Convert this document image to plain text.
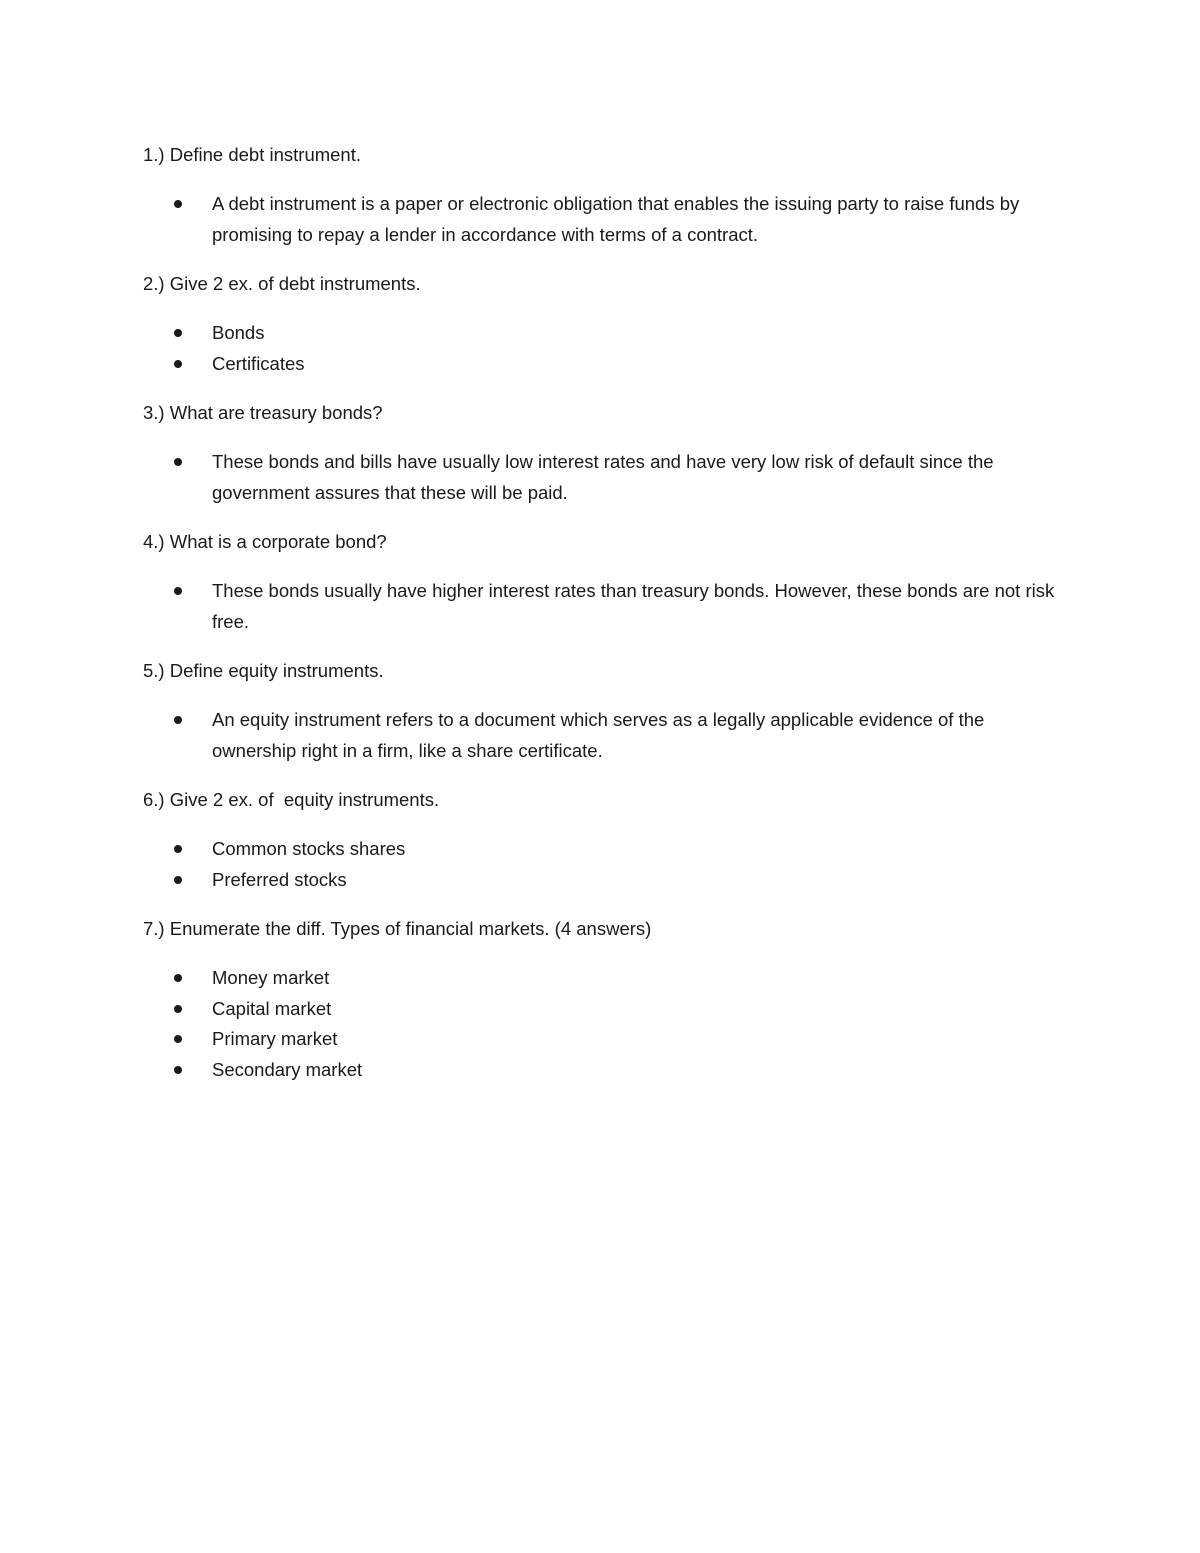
1.) Define debt instrument.

A debt instrument is a paper or electronic obligation that enables the issuing party to raise funds by promising to repay a lender in accordance with terms of a contract.

2.) Give 2 ex. of debt instruments.

Bonds
Certificates

3.) What are treasury bonds?

These bonds and bills have usually low interest rates and have very low risk of default since the government assures that these will be paid.

4.) What is a corporate bond?

These bonds usually have higher interest rates than treasury bonds. However, these bonds are not risk free.

5.) Define equity instruments.

An equity instrument refers to a document which serves as a legally applicable evidence of the ownership right in a firm, like a share certificate.

6.) Give 2 ex. of  equity instruments.

Common stocks shares
Preferred stocks

7.) Enumerate the diff. Types of financial markets. (4 answers)

Money market
Capital market
Primary market
Secondary market
